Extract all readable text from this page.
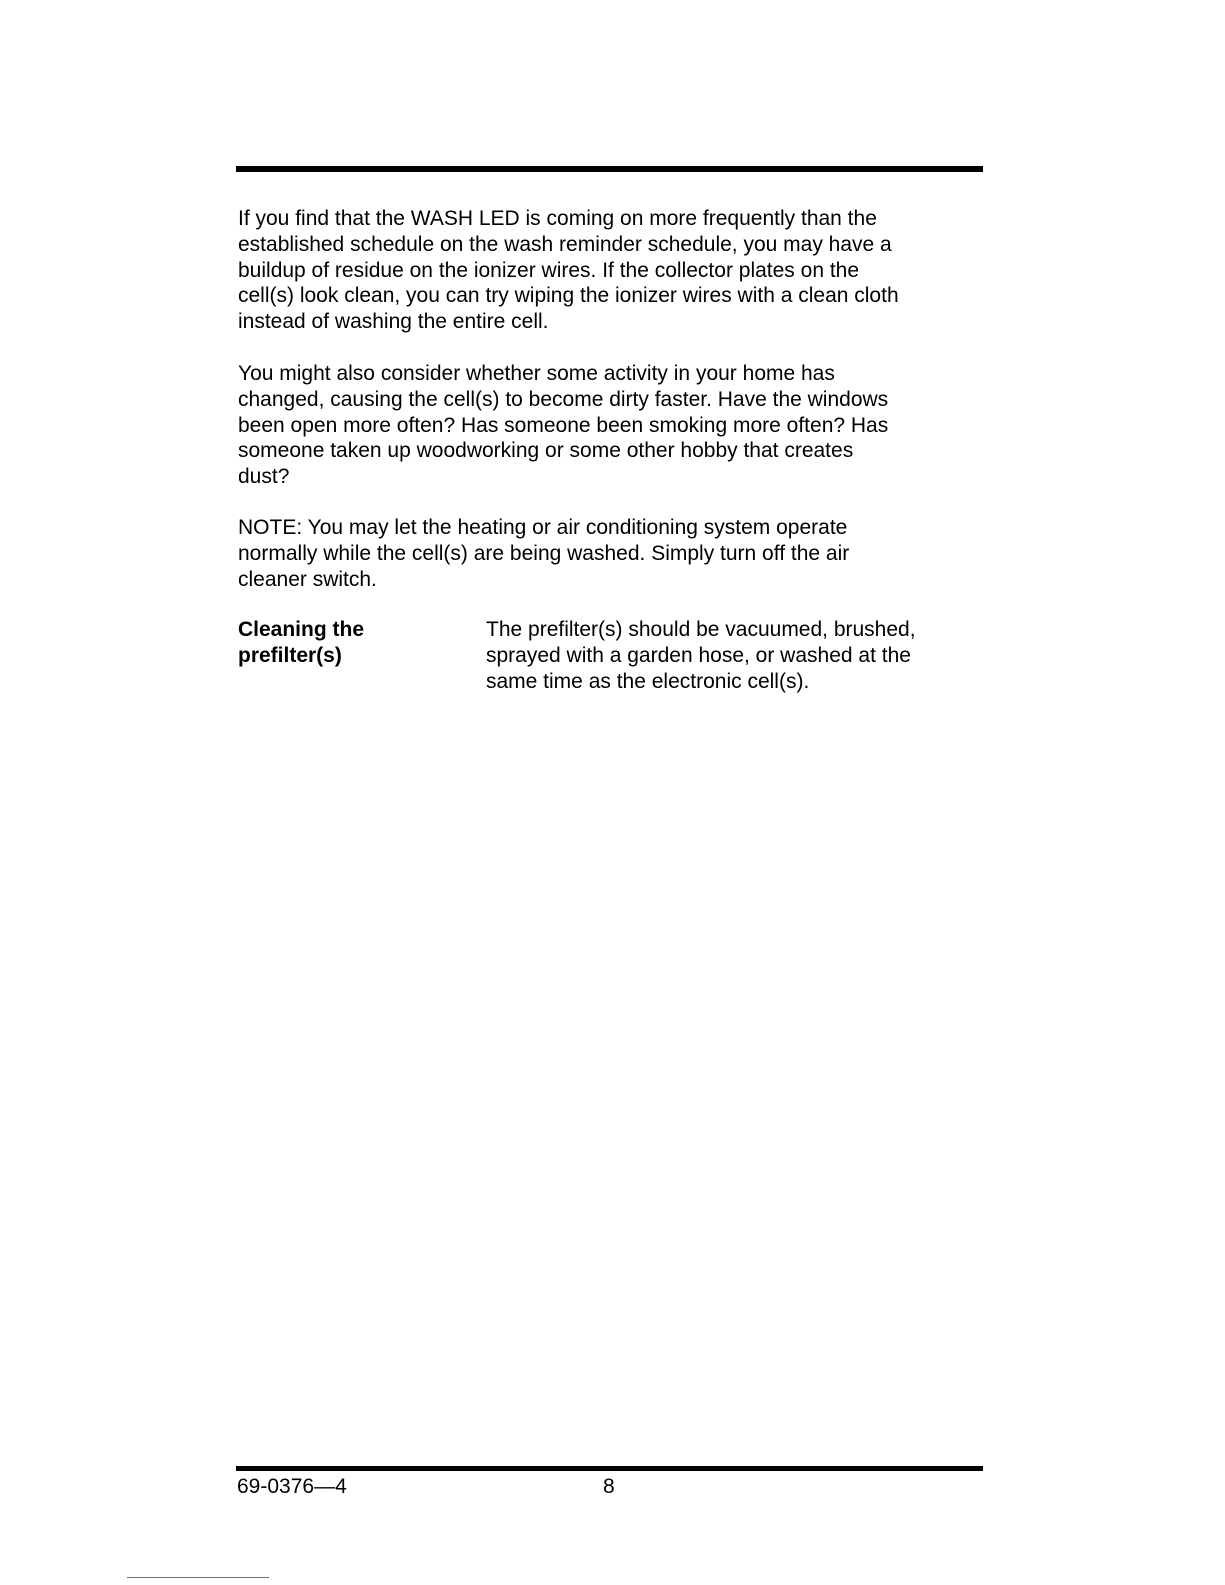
If you find that the WASH LED is coming on more frequently than the
established schedule on the wash reminder schedule, you may have a
buildup of residue on the ionizer wires. If the collector plates on the
cell(s) look clean, you can try wiping the ionizer wires with a clean cloth
instead of washing the entire cell.

You might also consider whether some activity in your home has
changed, causing the cell(s) to become dirty faster. Have the windows
been open more often? Has someone been smoking more often? Has
someone taken up woodworking or some other hobby that creates
dust?

NOTE: You may let the heating or air conditioning system operate
normally while the cell(s) are being washed. Simply turn off the air
cleaner switch.

Cleaning the
prefilter(s)

The prefilter(s) should be vacuumed, brushed,
sprayed with a garden hose, or washed at the
same time as the electronic cell(s).

69-0376—4	8
